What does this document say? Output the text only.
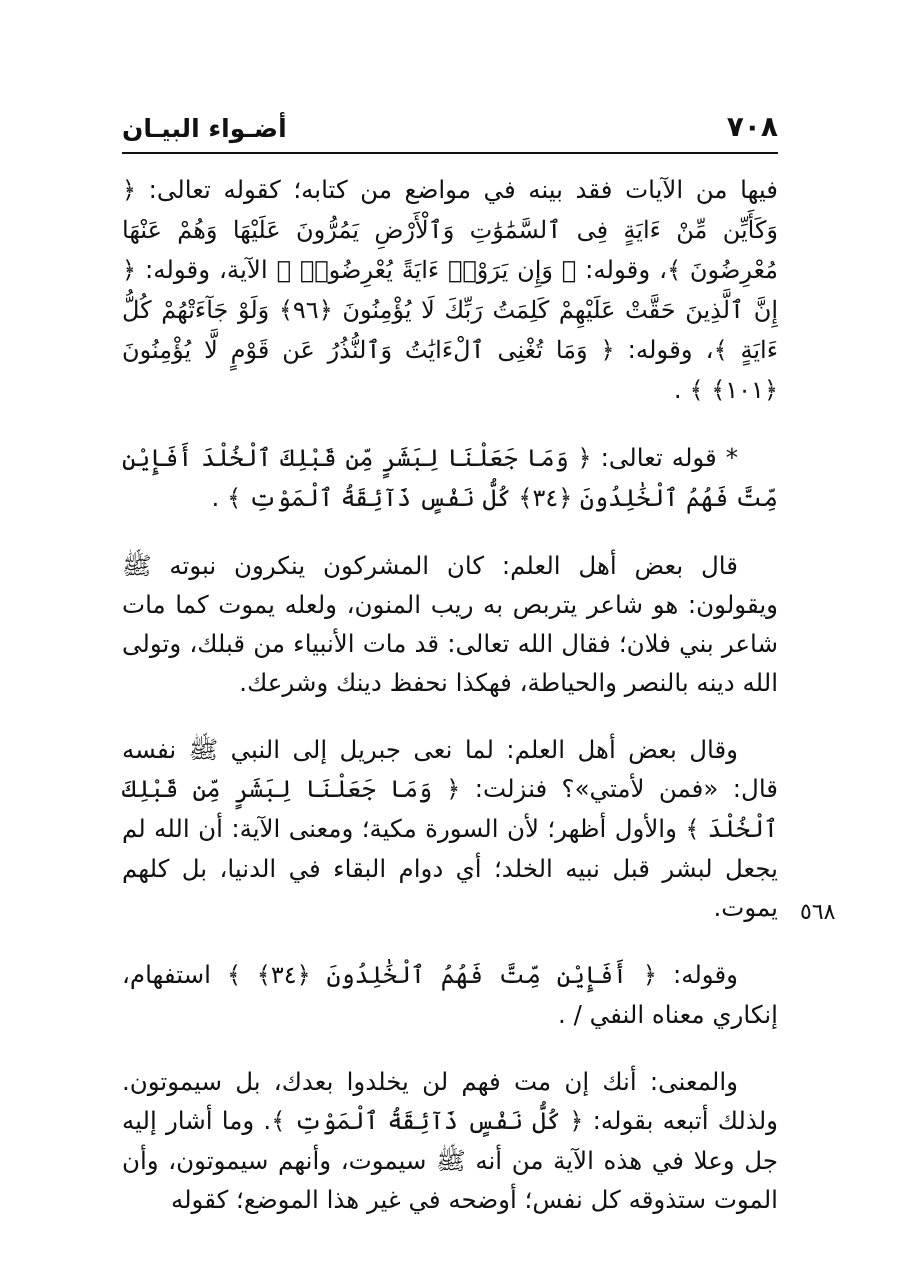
٧٠٨
أضـواء البيـان

فيها من الآيات فقد بينه في مواضع من كتابه؛ كقوله تعالى: ﴿ وَكَأَيِّن مِّنْ ءَايَةٍ فِى ٱلسَّمَٰوَٰتِ وَٱلْأَرْضِ يَمُرُّونَ عَلَيْهَا وَهُمْ عَنْهَا مُعْرِضُونَ ﴾، وقوله: ﴿ وَإِن يَرَوْا۟ ءَايَةً يُعْرِضُوا۟ ﴾ الآية، وقوله: ﴿ إِنَّ ٱلَّذِينَ حَقَّتْ عَلَيْهِمْ كَلِمَتُ رَبِّكَ لَا يُؤْمِنُونَ ﴿٩٦﴾ وَلَوْ جَآءَتْهُمْ كُلُّ ءَايَةٍ ﴾، وقوله: ﴿ وَمَا تُغْنِى ٱلْءَايَٰتُ وَٱلنُّذُرُ عَن قَوْمٍ لَّا يُؤْمِنُونَ ﴿١٠١﴾ ﴾ .

* قوله تعالى: ﴿ وَمَا جَعَلْنَا لِبَشَرٍ مِّن قَبْلِكَ ٱلْخُلْدَ أَفَإِيْن مِّتَّ فَهُمُ ٱلْخَٰلِدُونَ ﴿٣٤﴾ كُلُّ نَفْسٍ ذَآئِقَةُ ٱلْمَوْتِ ﴾ .

قال بعض أهل العلم: كان المشركون ينكرون نبوته ﷺ ويقولون: هو شاعر يتربص به ريب المنون، ولعله يموت كما مات شاعر بني فلان؛ فقال الله تعالى: قد مات الأنبياء من قبلك، وتولى الله دينه بالنصر والحياطة، فهكذا نحفظ دينك وشرعك.

وقال بعض أهل العلم: لما نعى جبريل إلى النبي ﷺ نفسه قال: «فمن لأمتي»؟ فنزلت: ﴿ وَمَا جَعَلْنَا لِبَشَرٍ مِّن قَبْلِكَ ٱلْخُلْدَ ﴾ والأول أظهر؛ لأن السورة مكية؛ ومعنى الآية: أن الله لم يجعل لبشر قبل نبيه الخلد؛ أي دوام البقاء في الدنيا، بل كلهم يموت.

وقوله: ﴿ أَفَإِيْن مِّتَّ فَهُمُ ٱلْخَٰلِدُونَ ﴿٣٤﴾ ﴾ استفهام، إنكاري معناه النفي / .

والمعنى: أنك إن مت فهم لن يخلدوا بعدك، بل سيموتون. ولذلك أتبعه بقوله: ﴿ كُلُّ نَفْسٍ ذَآئِقَةُ ٱلْمَوْتِ ﴾. وما أشار إليه جل وعلا في هذه الآية من أنه ﷺ سيموت، وأنهم سيموتون، وأن الموت ستذوقه كل نفس؛ أوضحه في غير هذا الموضع؛ كقوله

٥٦٨
